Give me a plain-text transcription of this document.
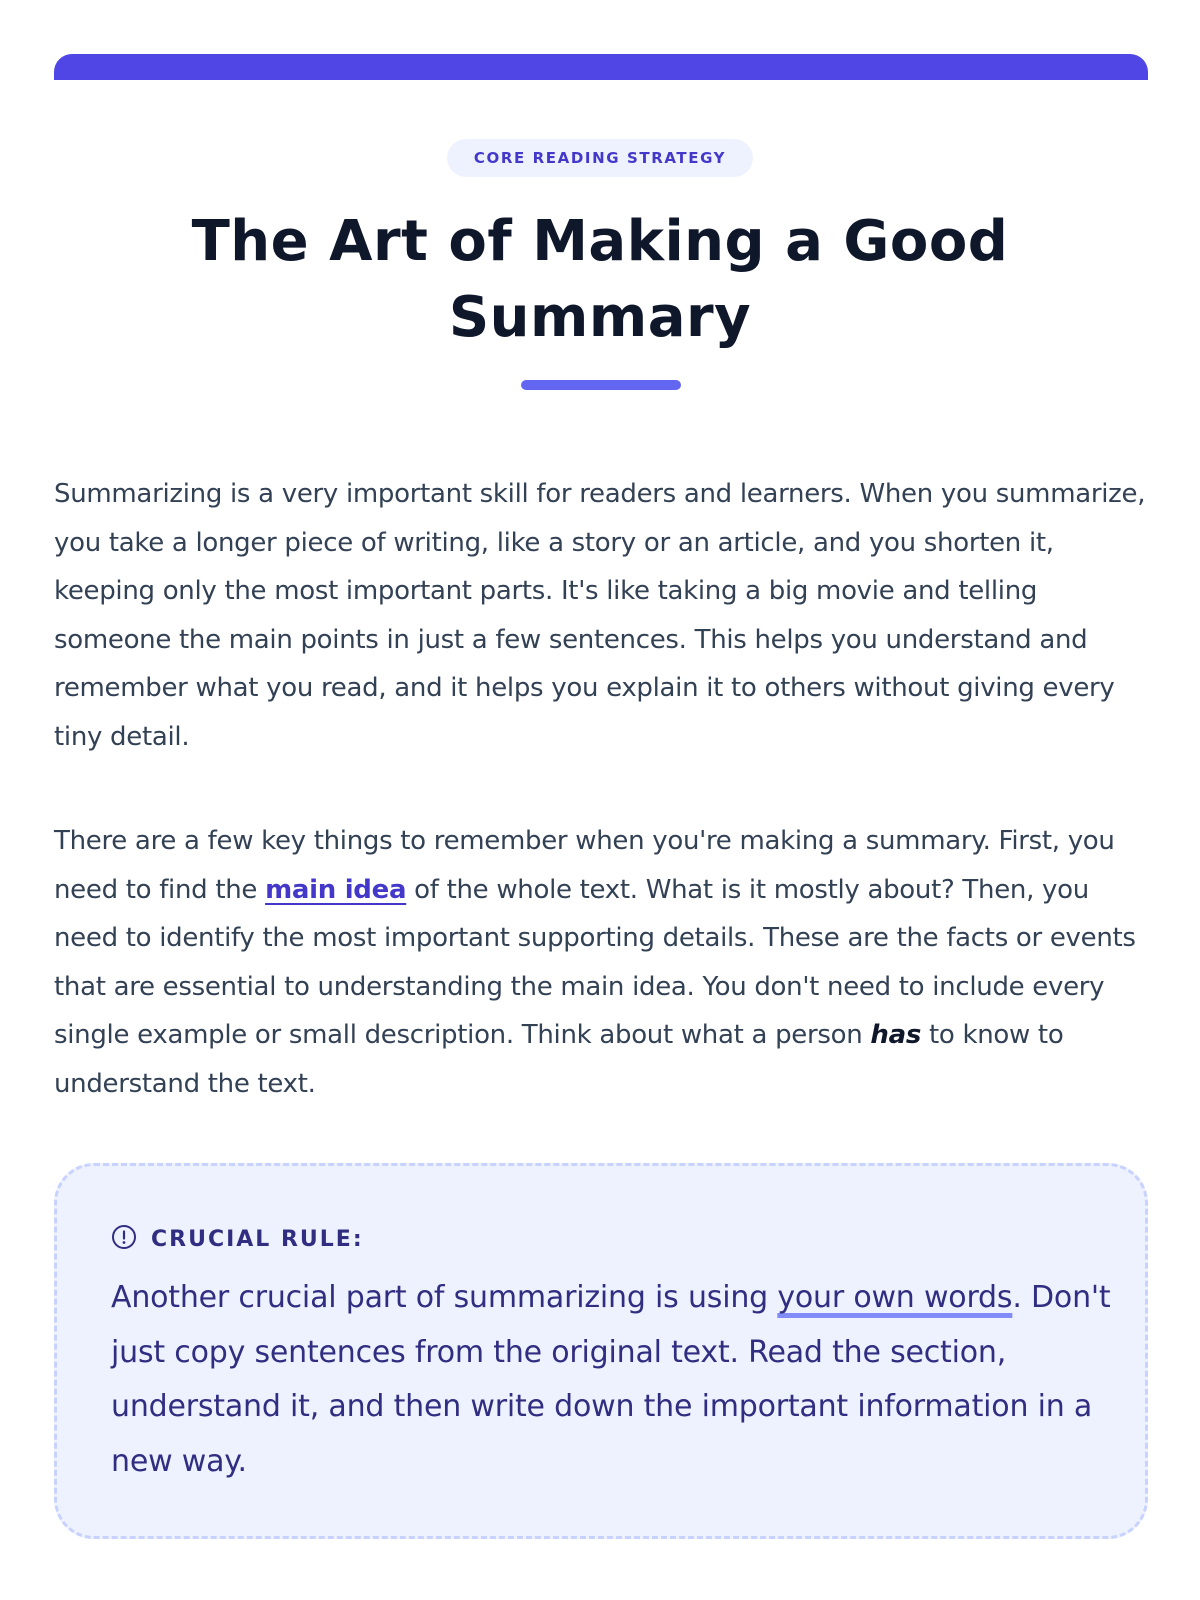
CORE READING STRATEGY
The Art of Making a Good Summary

Summarizing is a very important skill for readers and learners. When you summarize, you take a longer piece of writing, like a story or an article, and you shorten it, keeping only the most important parts. It's like taking a big movie and telling someone the main points in just a few sentences. This helps you understand and remember what you read, and it helps you explain it to others without giving every tiny detail.

There are a few key things to remember when you're making a summary. First, you need to find the main idea of the whole text. What is it mostly about? Then, you need to identify the most important supporting details. These are the facts or events that are essential to understanding the main idea. You don't need to include every single example or small description. Think about what a person has to know to understand the text.

CRUCIAL RULE:

Another crucial part of summarizing is using your own words. Don't just copy sentences from the original text. Read the section, understand it, and then write down the important information in a new way.
